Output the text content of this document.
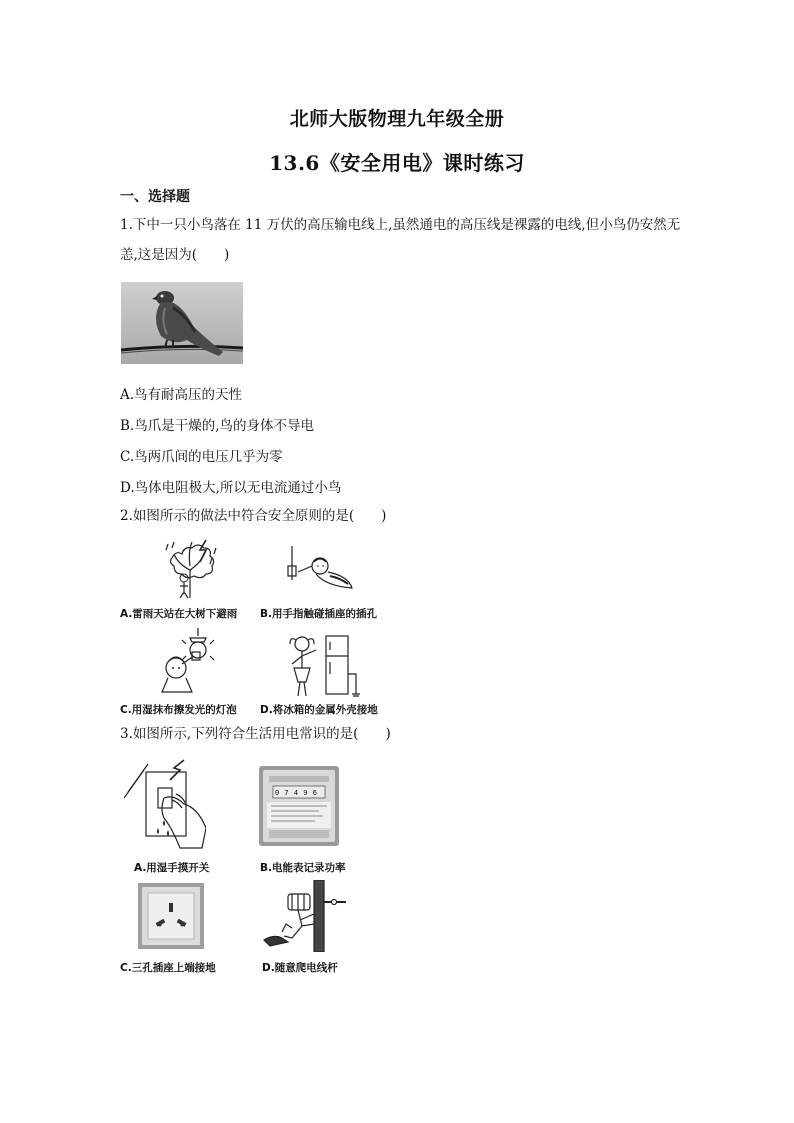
北师大版物理九年级全册
13.6《安全用电》课时练习
一、选择题
1.下中一只小鸟落在 11 万伏的高压输电线上,虽然通电的高压线是裸露的电线,但小鸟仍安然无
恙,这是因为(　　)
A.鸟有耐高压的天性
B.鸟爪是干燥的,鸟的身体不导电
C.鸟两爪间的电压几乎为零
D.鸟体电阻极大,所以无电流通过小鸟
2.如图所示的做法中符合安全原则的是(　　)
A.雷雨天站在大树下避雨 B.用手指触碰插座的插孔
C.用湿抹布擦发光的灯泡 D.将冰箱的金属外壳接地
3.如图所示,下列符合生活用电常识的是(　　)
A.用湿手摸开关
0 7 4 9 6
B.电能表记录功率
C.三孔插座上端接地	D.随意爬电线杆
